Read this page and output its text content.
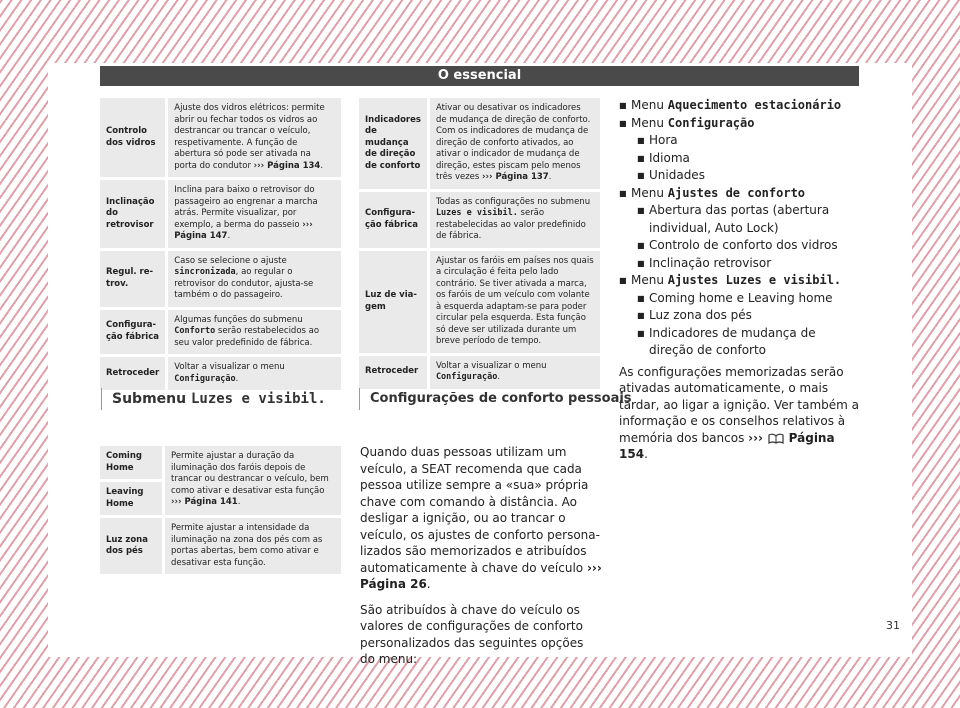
O essencial
Controlo dos vidros	Ajuste dos vidros elétricos: permite abrir ou fechar todos os vidros ao destrancar ou trancar o veículo, respetivamente. A função de abertura só pode ser ativada na porta do condutor ››› Página 134.
Inclinação do retrovisor	Inclina para baixo o retrovisor do passageiro ao engrenar a marcha atrás. Permite visualizar, por exemplo, a berma do passeio ››› Página 147.
Regul. retrov.	Caso se selecione o ajuste sincronizada, ao regular o retrovisor do condutor, ajusta-se também o do passageiro.
Configuração fábrica	Algumas funções do submenu Conforto serão restabelecidos ao seu valor predefinido de fábrica.
Retroceder	Voltar a visualizar o menu Configuração.
Submenu Luzes e visibil.
Coming Home	Permite ajustar a duração da iluminação dos faróis depois de trancar ou destrancar o veículo, bem como ativar e desativar esta função ››› Página 141.
Leaving Home	
Luz zona dos pés	Permite ajustar a intensidade da iluminação na zona dos pés com as portas abertas, bem como ativar e desativar esta função.
Indicadores de mudança de direção de conforto	Ativar ou desativar os indicadores de mudança de direção de conforto. Com os indicadores de mudança de direção de conforto ativados, ao ativar o indicador de mudança de direção, estes piscam pelo menos três vezes ››› Página 137.
Configuração fábrica	Todas as configurações no submenu Luzes e visibil. serão restabelecidas ao valor predefinido de fábrica.
Luz de viagem	Ajustar os faróis em países nos quais a circulação é feita pelo lado contrário. Se tiver ativada a marca, os faróis de um veículo com volante à esquerda adaptam-se para poder circular pela esquerda. Esta função só deve ser utilizada durante um breve período de tempo.
Retroceder	Voltar a visualizar o menu Configuração.
Configurações de conforto pessoais

Quando duas pessoas utilizam um veículo, a SEAT recomenda que cada pessoa utilize sempre a «sua» própria chave com comando à distância. Ao desligar a ignição, ou ao trancar o veículo, os ajustes de conforto personalizados são memorizados e atribuídos automaticamente à chave do veículo ››› Página 26.

São atribuídos à chave do veículo os valores de configurações de conforto personalizados das seguintes opções do menu:

■ Menu Aquecimento estacionário
■ Menu Configuração
■ Hora
■ Idioma
■ Unidades
■ Menu Ajustes de conforto
■ Abertura das portas (abertura individual, Auto Lock)
■ Controlo de conforto dos vidros
■ Inclinação retrovisor
■ Menu Ajustes Luzes e visibil.
■ Coming home e Leaving home
■ Luz zona dos pés
■ Indicadores de mudança de direção de conforto

As configurações memorizadas serão ativadas automaticamente, o mais tardar, ao ligar a ignição. Ver também a informação e os conselhos relativos à memória dos bancos ››› Página 154.

31
